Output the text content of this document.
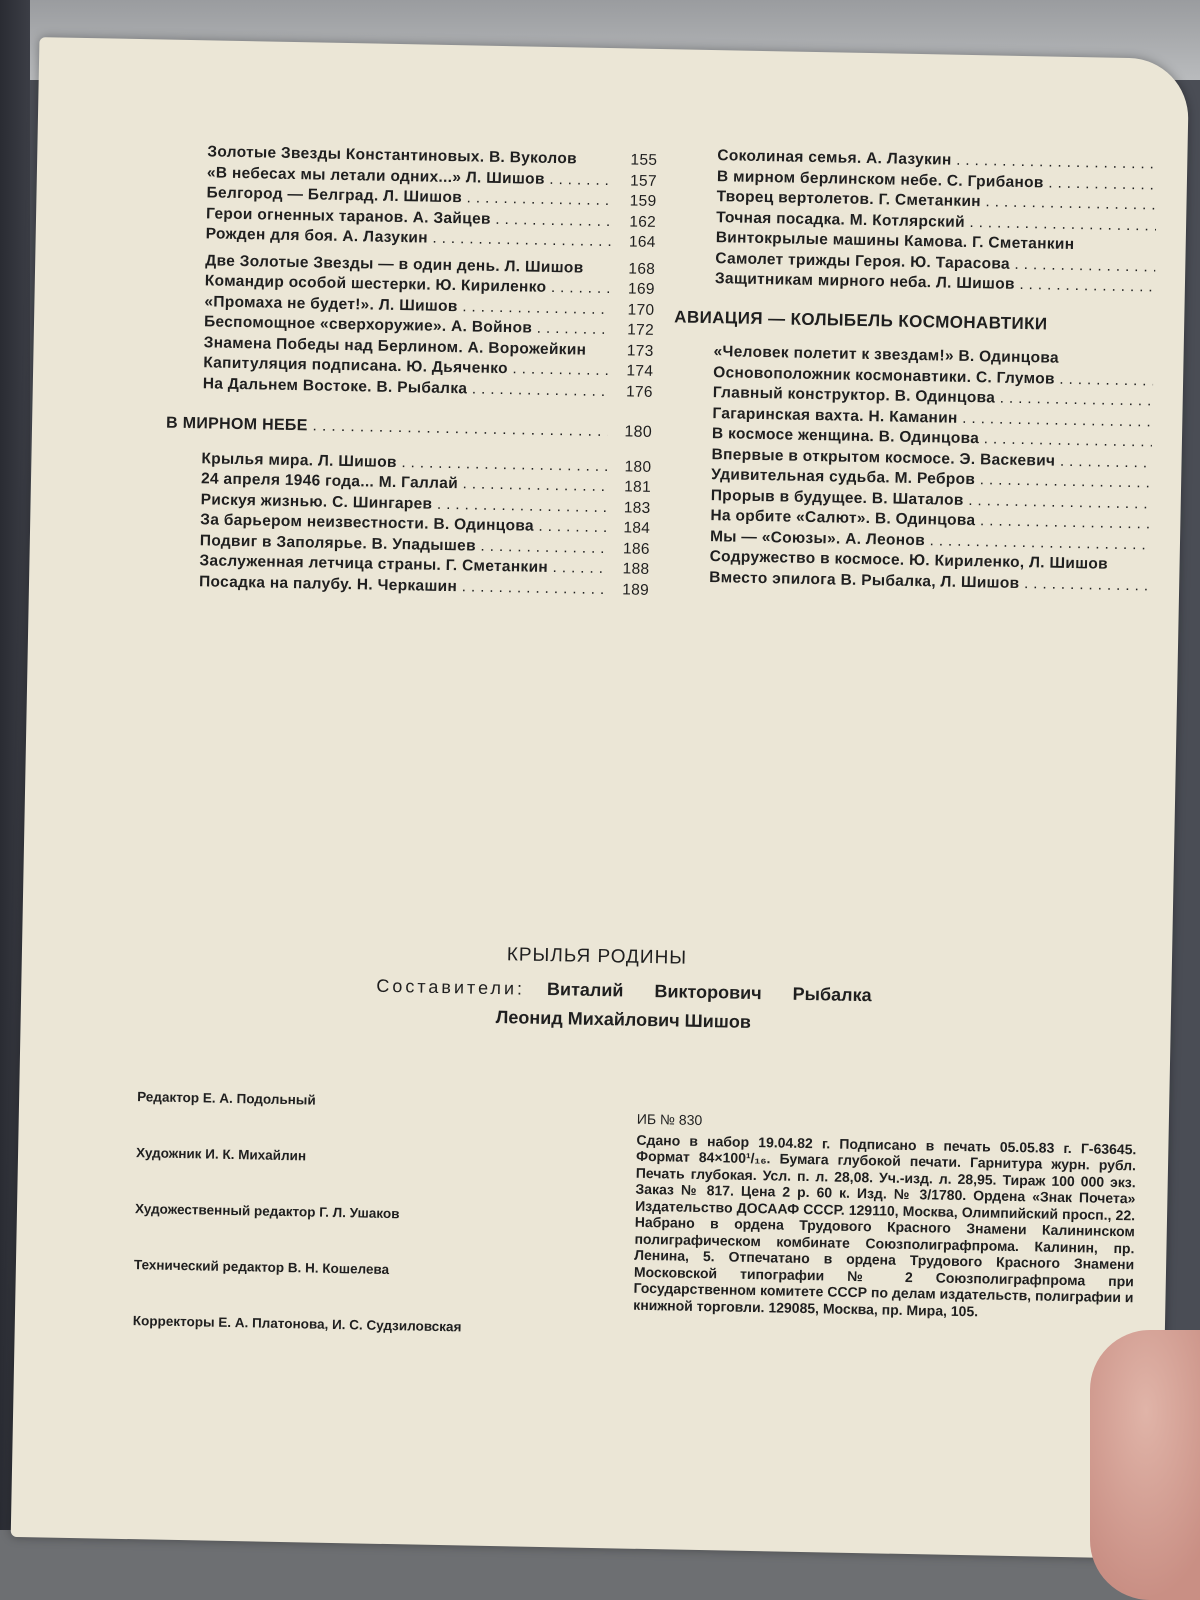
Золотые Звезды Константиновых. В. Вуколов	155
«В небесах мы летали одних...» Л. Шишов . . .	157
Белгород — Белград. Л. Шишов . . .	159
Герои огненных таранов. А. Зайцев . . .	162
Рожден для боя. А. Лазукин . . .	164
Две Золотые Звезды — в один день. Л. Шишов	168
Командир особой шестерки. Ю. Кириленко . . .	169
«Промаха не будет!». Л. Шишов . . .	170
Беспомощное «сверхоружие». А. Войнов . . .	172
Знамена Победы над Берлином. А. Ворожейкин	173
Капитуляция подписана. Ю. Дьяченко . . .	174
На Дальнем Востоке. В. Рыбалка . . .	176
В МИРНОМ НЕБЕ . . .	180
Крылья мира. Л. Шишов . . .	180
24 апреля 1946 года... М. Галлай . . .	181
Рискуя жизнью. С. Шингарев . . .	183
За барьером неизвестности. В. Одинцова . . .	184
Подвиг в Заполярье. В. Упадышев . . .	186
Заслуженная летчица страны. Г. Сметанкин . . .	188
Посадка на палубу. Н. Черкашин . . .	189
Соколиная семья. А. Лазукин . . .
В мирном берлинском небе. С. Грибанов . . .
Творец вертолетов. Г. Сметанкин . . .
Точная посадка. М. Котлярский . . .
Винтокрылые машины Камова. Г. Сметанкин
Самолет трижды Героя. Ю. Тарасова . . .
Защитникам мирного неба. Л. Шишов . . .
АВИАЦИЯ — КОЛЫБЕЛЬ КОСМОНАВТИКИ
«Человек полетит к звездам!» В. Одинцова
Основоположник космонавтики. С. Глумов . . .
Главный конструктор. В. Одинцова . . .
Гагаринская вахта. Н. Каманин . . .
В космосе женщина. В. Одинцова . . .
Впервые в открытом космосе. Э. Васкевич . . .
Удивительная судьба. М. Ребров . . .
Прорыв в будущее. В. Шаталов . . .
На орбите «Салют». В. Одинцова . . .
Мы — «Союзы». А. Леонов . . .
Содружество в космосе. Ю. Кириленко, Л. Шишов
Вместо эпилога В. Рыбалка, Л. Шишов . . .
КРЫЛЬЯ РОДИНЫ
Составители: Виталий Викторович Рыбалка
Леонид Михайлович Шишов
Редактор Е. А. Подольный
Художник И. К. Михайлин
Художественный редактор Г. Л. Ушаков
Технический редактор В. Н. Кошелева
Корректоры Е. А. Платонова, И. С. Судзиловская
ИБ № 830
Сдано в набор 19.04.82 г. Подписано в печать 05.05.83 г. Г-63645. Формат 84×100¹/₁₆. Бумага глубокой печати. Гарнитура журн. рубл. Печать глубокая. Усл. п. л. 28,08. Уч.-изд. л. 28,95. Тираж 100 000 экз. Заказ № 817. Цена 2 р. 60 к. Изд. № 3/1780. Ордена «Знак Почета» Издательство ДОСААФ СССР. 129110, Москва, Олимпийский просп., 22. Набрано в ордена Трудового Красного Знамени Калининском полиграфическом комбинате Союзполиграфпрома. Калинин, пр. Ленина, 5. Отпечатано в ордена Трудового Красного Знамени Московской типографии № 2 Союзполиграфпрома при Государственном комитете СССР по делам издательств, полиграфии и книжной торговли. 129085, Москва, пр. Мира, 105.
